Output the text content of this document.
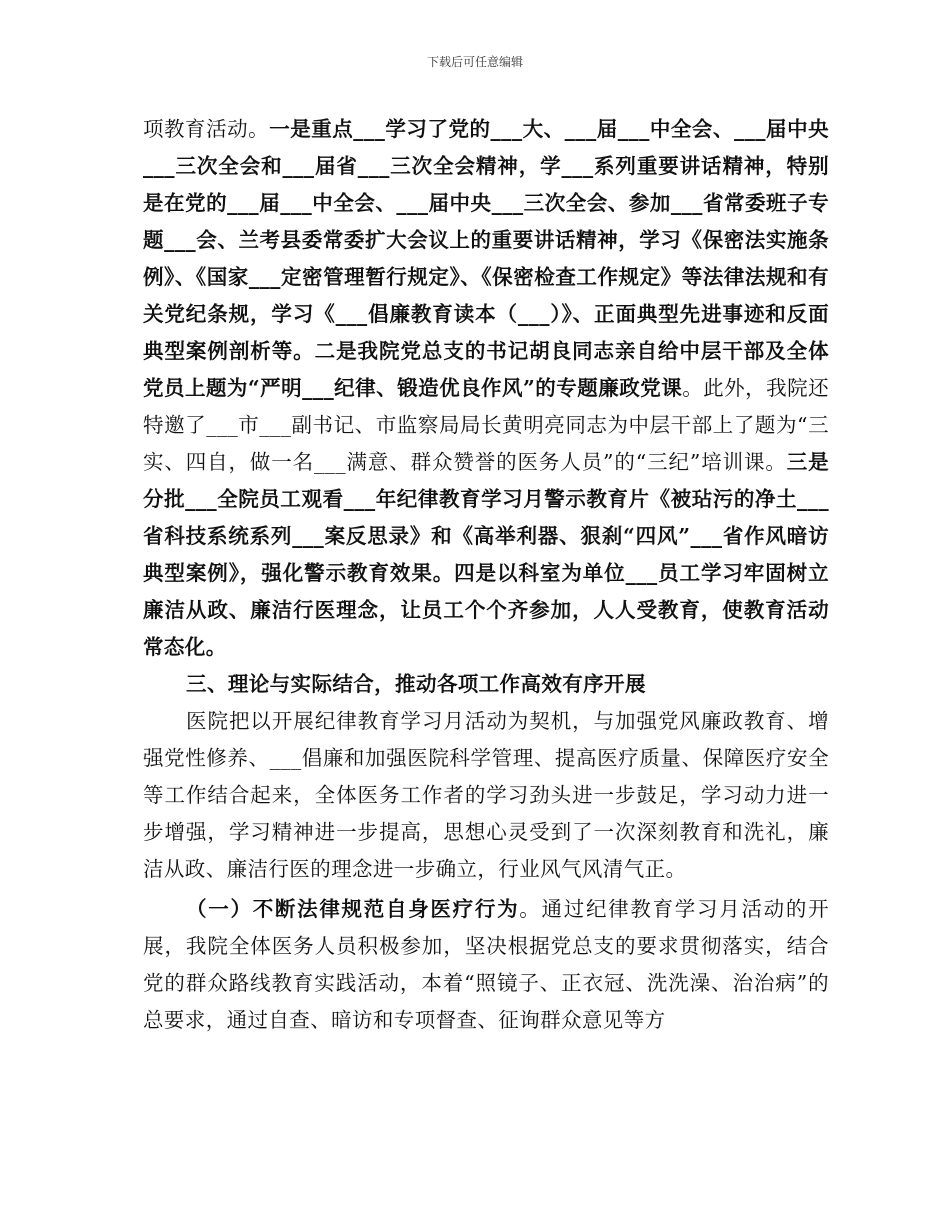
下载后可任意编辑

项教育活动。一是重点___学习了党的___大、___届___中全会、___届中央___三次全会和___届省___三次全会精神，学___系列重要讲话精神，特别是在党的___届___中全会、___届中央___三次全会、参加___省常委班子专题___会、兰考县委常委扩大会议上的重要讲话精神，学习《保密法实施条例》、《国家___定密管理暂行规定》、《保密检查工作规定》等法律法规和有关党纪条规，学习《___倡廉教育读本（___）》、正面典型先进事迹和反面典型案例剖析等。二是我院党总支的书记胡良同志亲自给中层干部及全体党员上题为“严明___纪律、锻造优良作风”的专题廉政党课。此外，我院还特邀了___市___副书记、市监察局局长黄明亮同志为中层干部上了题为“三实、四自，做一名___满意、群众赞誉的医务人员”的“三纪”培训课。三是分批___全院员工观看___年纪律教育学习月警示教育片《被玷污的净土___省科技系统系列___案反思录》和《高举利器、狠刹“四风”___省作风暗访典型案例》，强化警示教育效果。四是以科室为单位___员工学习牢固树立廉洁从政、廉洁行医理念，让员工个个齐参加，人人受教育，使教育活动常态化。

三、理论与实际结合，推动各项工作高效有序开展

医院把以开展纪律教育学习月活动为契机，与加强党风廉政教育、增强党性修养、___倡廉和加强医院科学管理、提高医疗质量、保障医疗安全等工作结合起来，全体医务工作者的学习劲头进一步鼓足，学习动力进一步增强，学习精神进一步提高，思想心灵受到了一次深刻教育和洗礼，廉洁从政、廉洁行医的理念进一步确立，行业风气风清气正。

（一）不断法律规范自身医疗行为。通过纪律教育学习月活动的开展，我院全体医务人员积极参加，坚决根据党总支的要求贯彻落实，结合党的群众路线教育实践活动，本着“照镜子、正衣冠、洗洗澡、治治病”的总要求，通过自查、暗访和专项督查、征询群众意见等方
